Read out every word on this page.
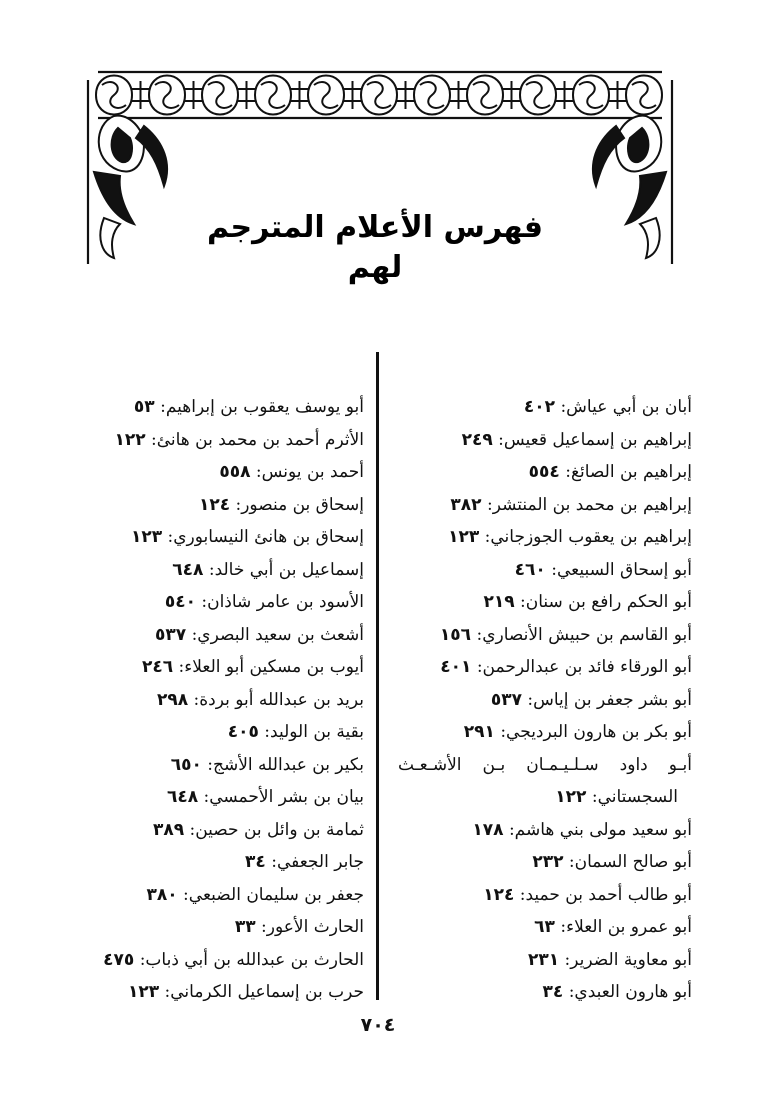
فهرس الأعلام المترجم لهم
أبان بن أبي عياش: ٤٠٢
إبراهيم بن إسماعيل قعيس: ٢٤٩
إبراهيم بن الصائغ: ٥٥٤
إبراهيم بن محمد بن المنتشر: ٣٨٢
إبراهيم بن يعقوب الجوزجاني: ١٢٣
أبو إسحاق السبيعي: ٤٦٠
أبو الحكم رافع بن سنان: ٢١٩
أبو القاسم بن حبيش الأنصاري: ١٥٦
أبو الورقاء فائد بن عبدالرحمن: ٤٠١
أبو بشر جعفر بن إياس: ٥٣٧
أبو بكر بن هارون البرديجي: ٢٩١
أبـو داود سـلـيـمـان بـن الأشـعـث
السجستاني: ١٢٢
أبو سعيد مولى بني هاشم: ١٧٨
أبو صالح السمان: ٢٣٢
أبو طالب أحمد بن حميد: ١٢٤
أبو عمرو بن العلاء: ٦٣
أبو معاوية الضرير: ٢٣١
أبو هارون العبدي: ٣٤
أبو يوسف يعقوب بن إبراهيم: ٥٣
الأثرم أحمد بن محمد بن هانئ: ١٢٢
أحمد بن يونس: ٥٥٨
إسحاق بن منصور: ١٢٤
إسحاق بن هانئ النيسابوري: ١٢٣
إسماعيل بن أبي خالد: ٦٤٨
الأسود بن عامر شاذان: ٥٤٠
أشعث بن سعيد البصري: ٥٣٧
أيوب بن مسكين أبو العلاء: ٢٤٦
بريد بن عبدالله أبو بردة: ٢٩٨
بقية بن الوليد: ٤٠٥
بكير بن عبدالله الأشج: ٦٥٠
بيان بن بشر الأحمسي: ٦٤٨
ثمامة بن وائل بن حصين: ٣٨٩
جابر الجعفي: ٣٤
جعفر بن سليمان الضبعي: ٣٨٠
الحارث الأعور: ٣٣
الحارث بن عبدالله بن أبي ذباب: ٤٧٥
حرب بن إسماعيل الكرماني: ١٢٣
٧٠٤
